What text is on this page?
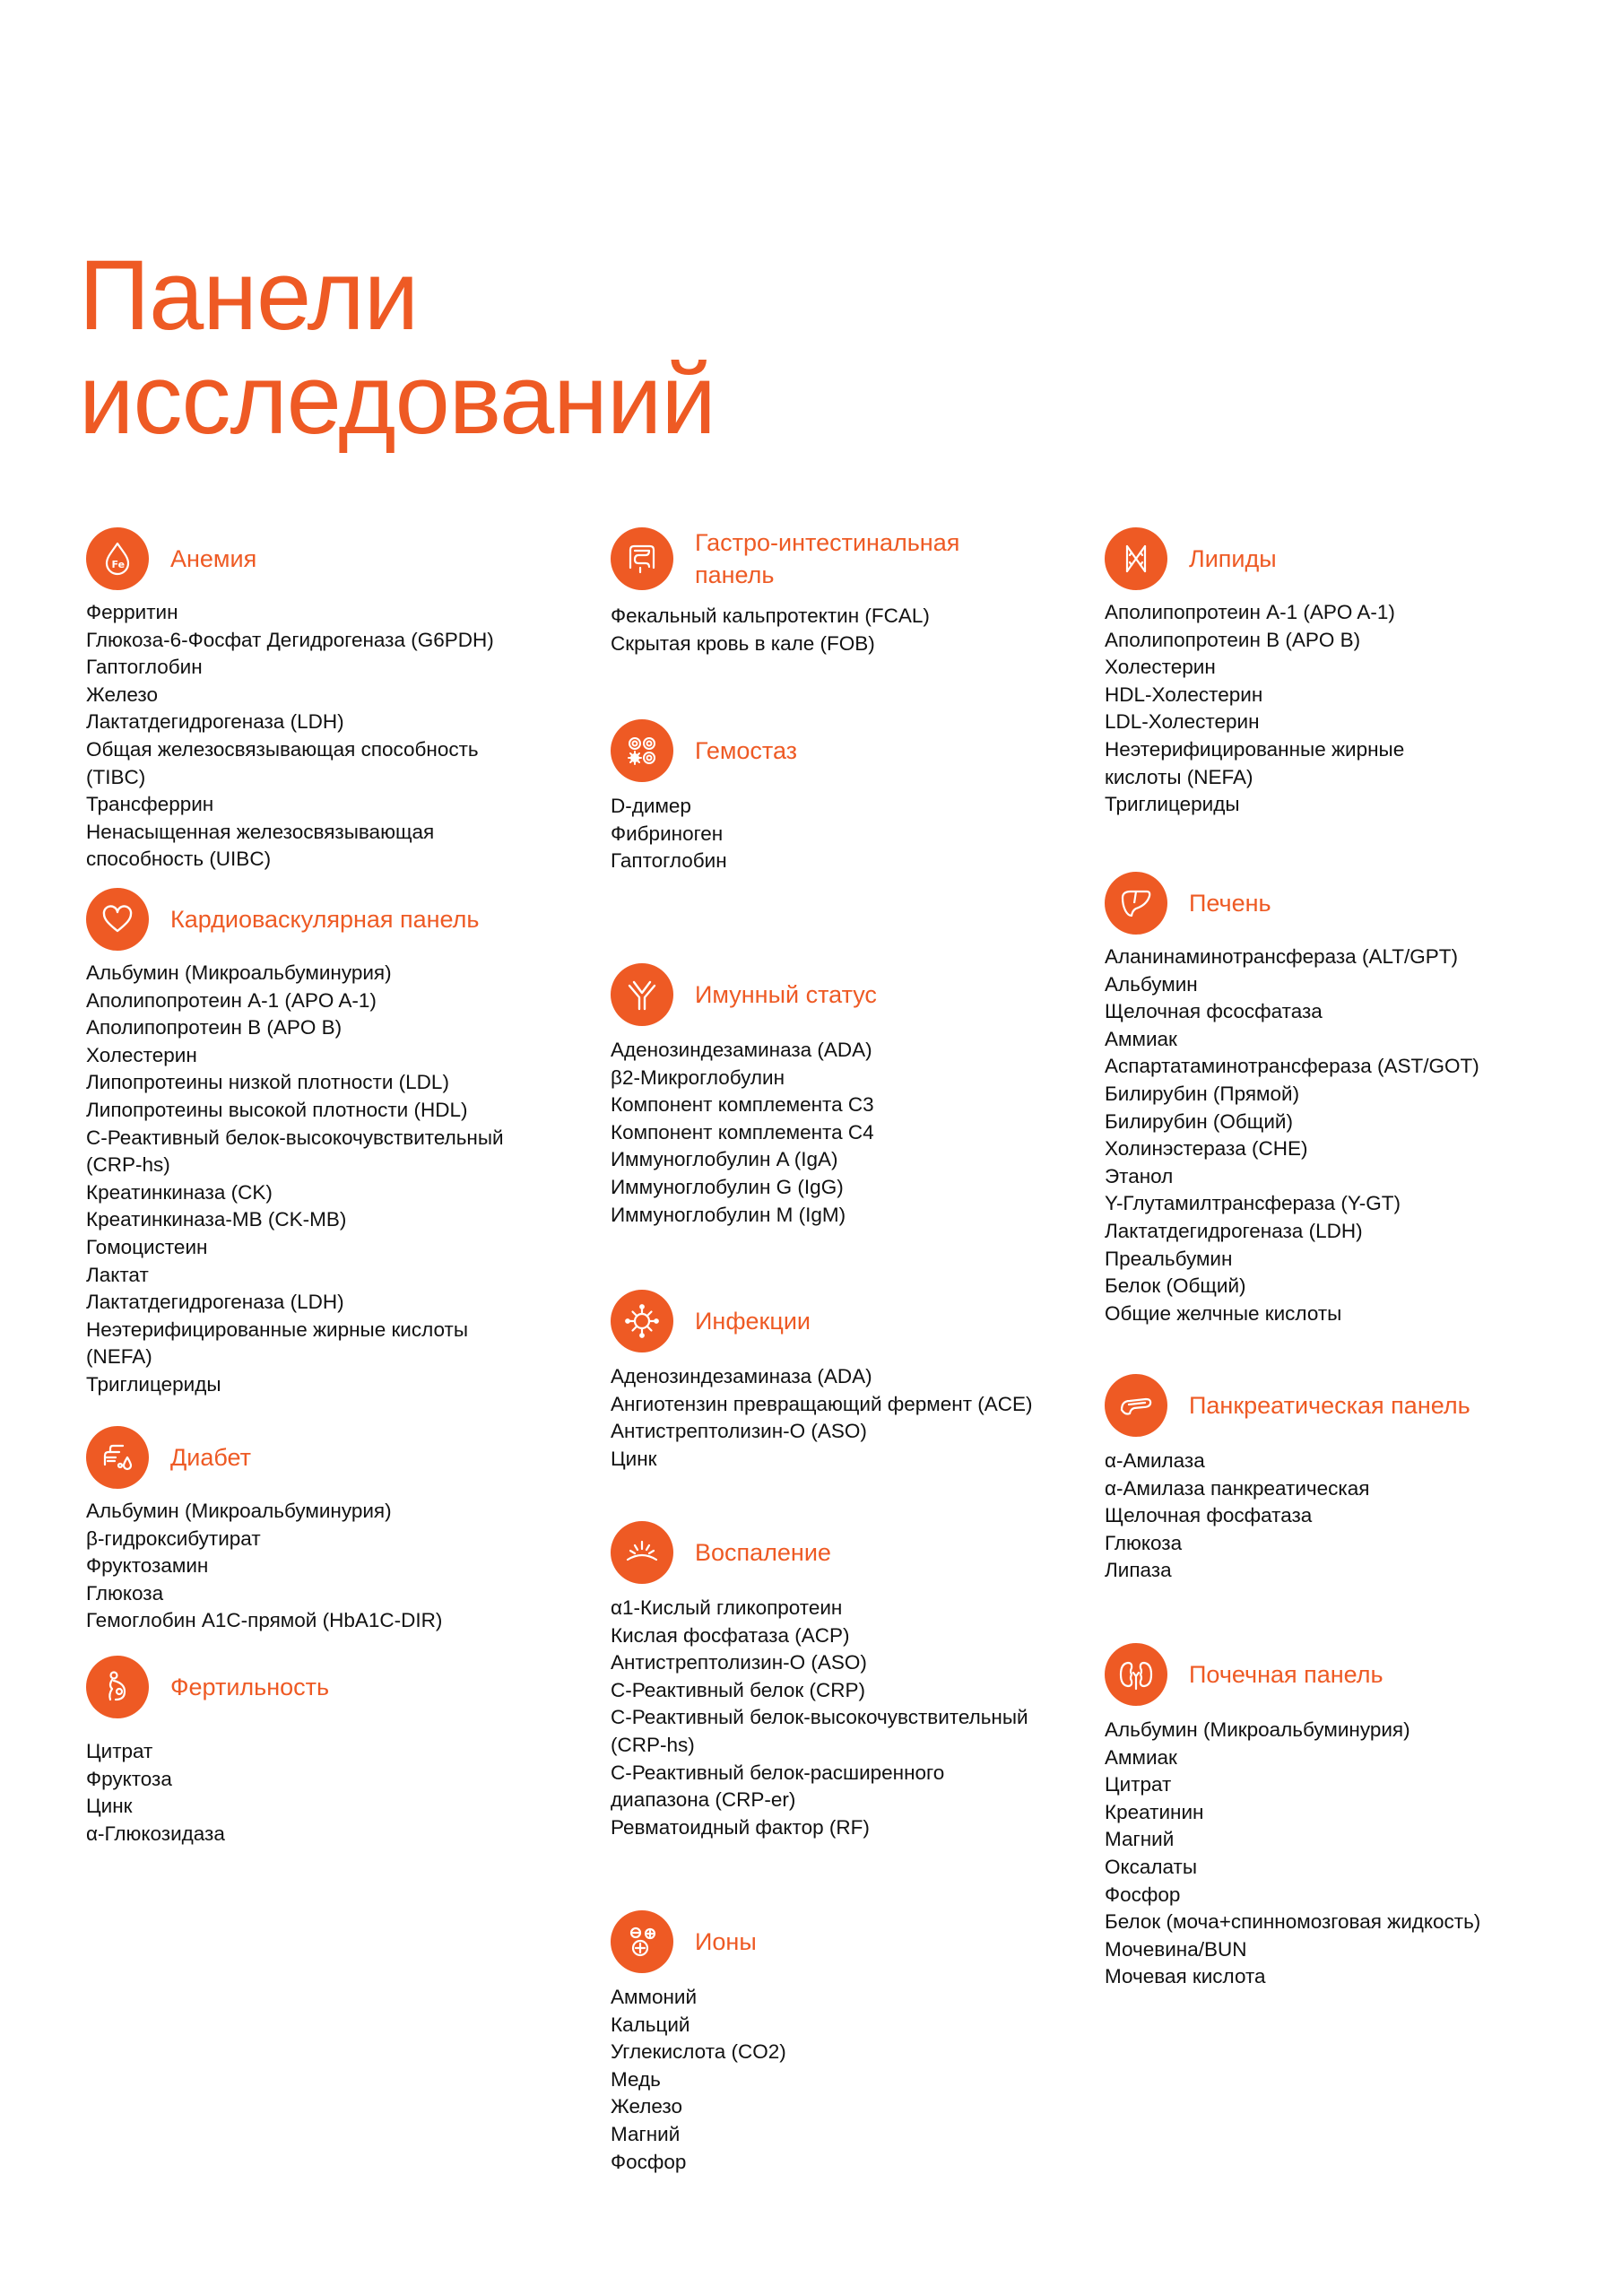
Панели
исследований
Fe Анемия
Ферритин
Глюкоза-6-Фосфат Дегидрогеназа (G6PDH)
Гаптоглобин
Железо
Лактатдегидрогеназа (LDH)
Общая железосвязывающая способность
(TIBC)
Трансферрин
Ненасыщенная железосвязывающая
способность (UIBC)
Кардиоваскулярная панель
Альбумин (Микроальбуминурия)
Аполипопротеин А-1 (APO A-1)
Аполипопротеин B (APO B)
Холестерин
Липопротеины низкой плотности (LDL)
Липопротеины высокой плотности (HDL)
C-Реактивный белок-высокочувствительный
(CRP-hs)
Креатинкиназа (CK)
Креатинкиназа-MB (CK-MB)
Гомоцистеин
Лактат
Лактатдегидрогеназа (LDH)
Неэтерифицированные жирные кислоты
(NEFA)
Триглицериды
Диабет
Альбумин (Микроальбуминурия)
β-гидроксибутират
Фруктозамин
Глюкоза
Гемоглобин A1C-прямой (HbA1C-DIR)
Фертильность
Цитрат
Фруктоза
Цинк
α-Глюкозидаза
Гастро-интестинальная
панель
Фекальный кальпротектин (FCAL)
Скрытая кровь в кале (FOB)
Гемостаз
D-димер
Фибриноген
Гаптоглобин
Имунный статус
Аденозиндезаминаза (ADA)
β2-Микроглобулин
Компонент комплемента C3
Компонент комплемента C4
Иммуноглобулин A (IgA)
Иммуноглобулин G (IgG)
Иммуноглобулин M (IgM)
Инфекции
Аденозиндезаминаза (ADA)
Ангиотензин превращающий фермент (ACE)
Антистрептолизин-O (ASO)
Цинк
Воспаление
α1-Кислый гликопротеин
Кислая фосфатаза (ACP)
Антистрептолизин-O (ASO)
C-Реактивный белок (CRP)
C-Реактивный белок-высокочувствительный
(CRP-hs)
C-Реактивный белок-расширенного
диапазона (CRP-er)
Ревматоидный фактор (RF)
Ионы
Аммоний
Кальций
Углекислота (CO2)
Медь
Железо
Магний
Фосфор
Липиды
Аполипопротеин A-1 (APO A-1)
Аполипопротеин B (APO B)
Холестерин
HDL-Холестерин
LDL-Холестерин
Неэтерифицированные жирные
кислоты (NEFA)
Триглицериды
Печень
Аланинаминотрансфераза (ALT/GPT)
Альбумин
Щелочная фсосфатаза
Аммиак
Аспартатаминотрансфераза (AST/GOT)
Билирубин (Прямой)
Билирубин (Общий)
Холинэстераза (CHE)
Этанол
Y-Глутамилтрансфераза (Y-GT)
Лактатдегидрогеназа (LDH)
Преальбумин
Белок (Общий)
Общие желчные кислоты
Панкреатическая панель
α-Амилаза
α-Амилаза панкреатическая
Щелочная фосфатаза
Глюкоза
Липаза
Почечная панель
Альбумин (Микроальбуминурия)
Аммиак
Цитрат
Креатинин
Магний
Оксалаты
Фосфор
Белок (моча+спинномозговая жидкость)
Мочевина/BUN
Мочевая кислота
